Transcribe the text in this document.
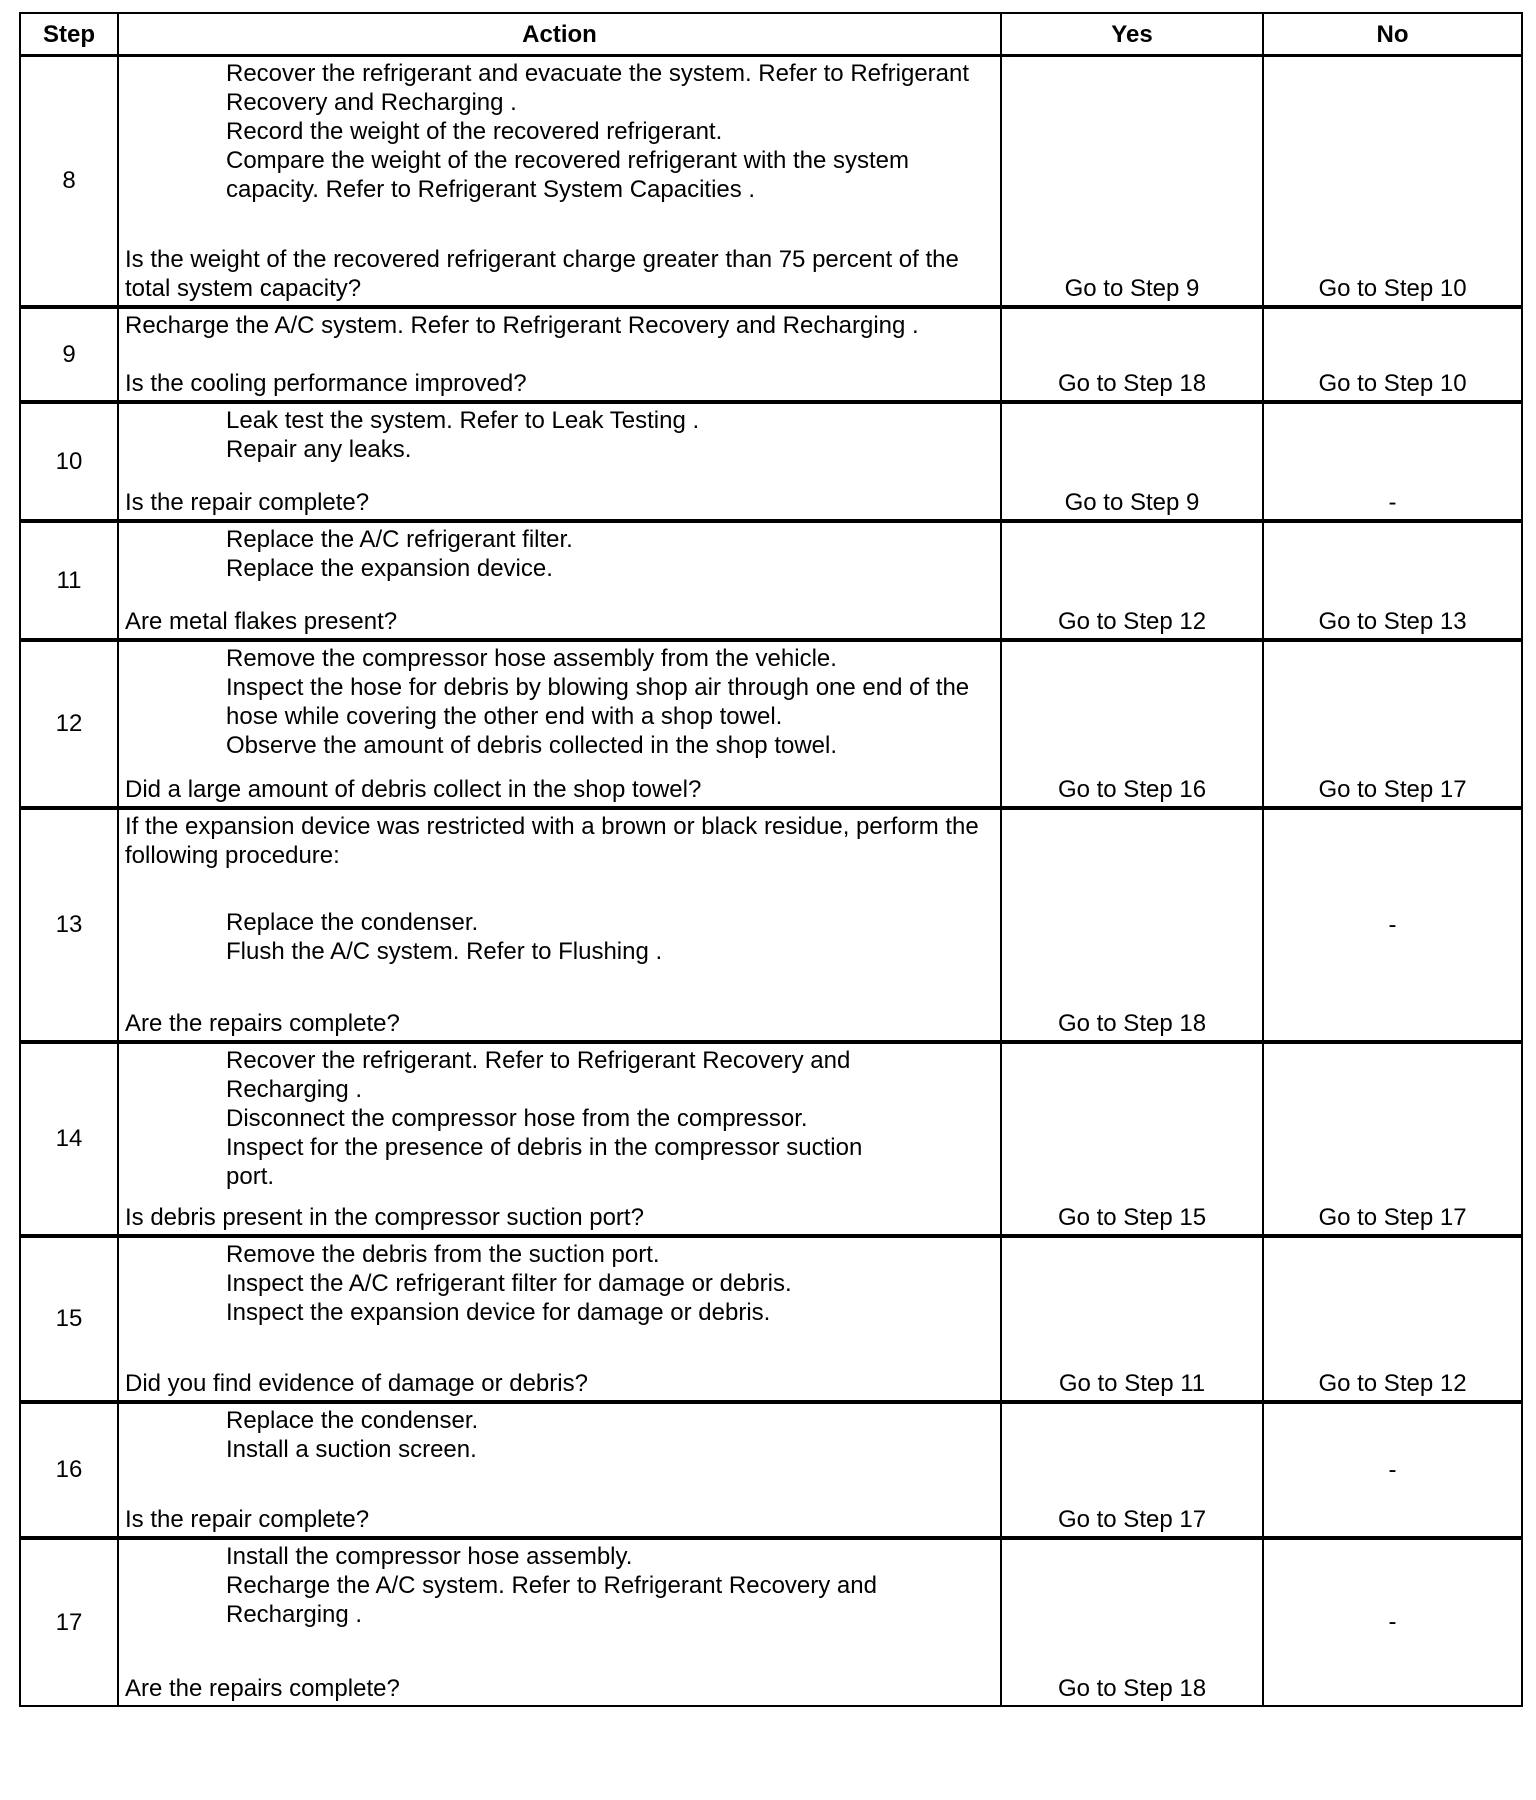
Step	Action	Yes	No
8	Recover the refrigerant and evacuate the system. Refer to Refrigerant Recovery and Recharging .
Record the weight of the recovered refrigerant.
Compare the weight of the recovered refrigerant with the system capacity. Refer to Refrigerant System Capacities .
Is the weight of the recovered refrigerant charge greater than 75 percent of the total system capacity?	Go to Step 9	Go to Step 10

9	Recharge the A/C system. Refer to Refrigerant Recovery and Recharging .
Is the cooling performance improved?	Go to Step 18	Go to Step 10

10	Leak test the system. Refer to Leak Testing .
Repair any leaks.
Is the repair complete?	Go to Step 9	-

11	Replace the A/C refrigerant filter.
Replace the expansion device.
Are metal flakes present?	Go to Step 12	Go to Step 13

12	Remove the compressor hose assembly from the vehicle.
Inspect the hose for debris by blowing shop air through one end of the hose while covering the other end with a shop towel.
Observe the amount of debris collected in the shop towel.
Did a large amount of debris collect in the shop towel?	Go to Step 16	Go to Step 17

13	If the expansion device was restricted with a brown or black residue, perform the following procedure:
Replace the condenser.
Flush the A/C system. Refer to Flushing .
Are the repairs complete?	Go to Step 18	-

14	Recover the refrigerant. Refer to Refrigerant Recovery and Recharging .
Disconnect the compressor hose from the compressor.
Inspect for the presence of debris in the compressor suction port.
Is debris present in the compressor suction port?	Go to Step 15	Go to Step 17

15	Remove the debris from the suction port.
Inspect the A/C refrigerant filter for damage or debris.
Inspect the expansion device for damage or debris.
Did you find evidence of damage or debris?	Go to Step 11	Go to Step 12

16	Replace the condenser.
Install a suction screen.
Is the repair complete?	Go to Step 17	-

17	Install the compressor hose assembly.
Recharge the A/C system. Refer to Refrigerant Recovery and Recharging .
Are the repairs complete?	Go to Step 18	-
